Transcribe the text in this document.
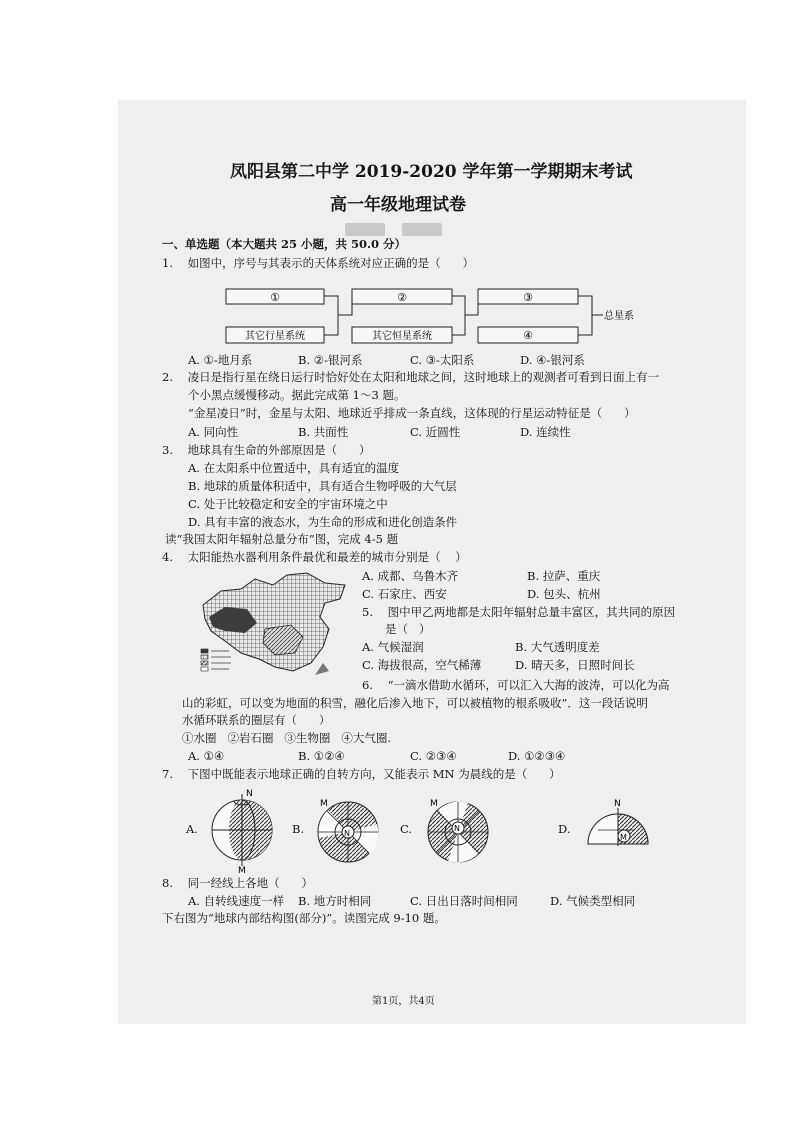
凤阳县第二中学 2019-2020 学年第一学期期末考试
高一年级地理试卷
一、单选题（本大题共 25 小题，共 50.0 分）
1.    如图中，序号与其表示的天体系统对应正确的是（      ）
①	②	③
其它行星系统	其它恒星系统	④
总星系
A. ①-地月系	B. ②-银河系	C. ③-太阳系	D. ④-银河系
2.    凌日是指行星在绕日运行时恰好处在太阳和地球之间，这时地球上的观测者可看到日面上有一
个小黑点缓慢移动。据此完成第 1～3 题。
“金星凌日”时，金星与太阳、地球近乎排成一条直线，这体现的行星运动特征是（      ）
A. 同向性	B. 共面性	C. 近圆性	D. 连续性
3.    地球具有生命的外部原因是（      ）
A. 在太阳系中位置适中，具有适宜的温度
B. 地球的质量体积适中，具有适合生物呼吸的大气层
C. 处于比较稳定和安全的宇宙环境之中
D. 具有丰富的液态水，为生命的形成和进化创造条件
读“我国太阳年辐射总量分布”图，完成 4-5 题
4.    太阳能热水器利用条件最优和最差的城市分别是（    ）
A. 成都、乌鲁木齐	B. 拉萨、重庆
C. 石家庄、西安	D. 包头、杭州
5.    图中甲乙两地都是太阳年辐射总量丰富区，其共同的原因
是（   ）
A. 气候湿润	B. 大气透明度差
C. 海拔很高，空气稀薄	D. 晴天多，日照时间长
6.    “一滴水借助水循环，可以汇入大海的波涛，可以化为高
山的彩虹，可以变为地面的积雪，融化后渗入地下，可以被植物的根系吸收”．这一段话说明
水循环联系的圈层有（      ）
①水圈   ②岩石圈   ③生物圈   ④大气圈.
A. ①④	B. ①②④	C. ②③④	D. ①②③④
7.    下图中既能表示地球正确的自转方向，又能表示 MN 为晨线的是（      ）
A.	B.	C.	D.
N
M
N
M
N
M	N
M
8.    同一经线上各地（      ）
A. 自转线速度一样 B. 地方时相同	C. 日出日落时间相同	D. 气候类型相同
下右图为“地球内部结构图(部分)”。读图完成 9-10 题。
第1页，共4页
